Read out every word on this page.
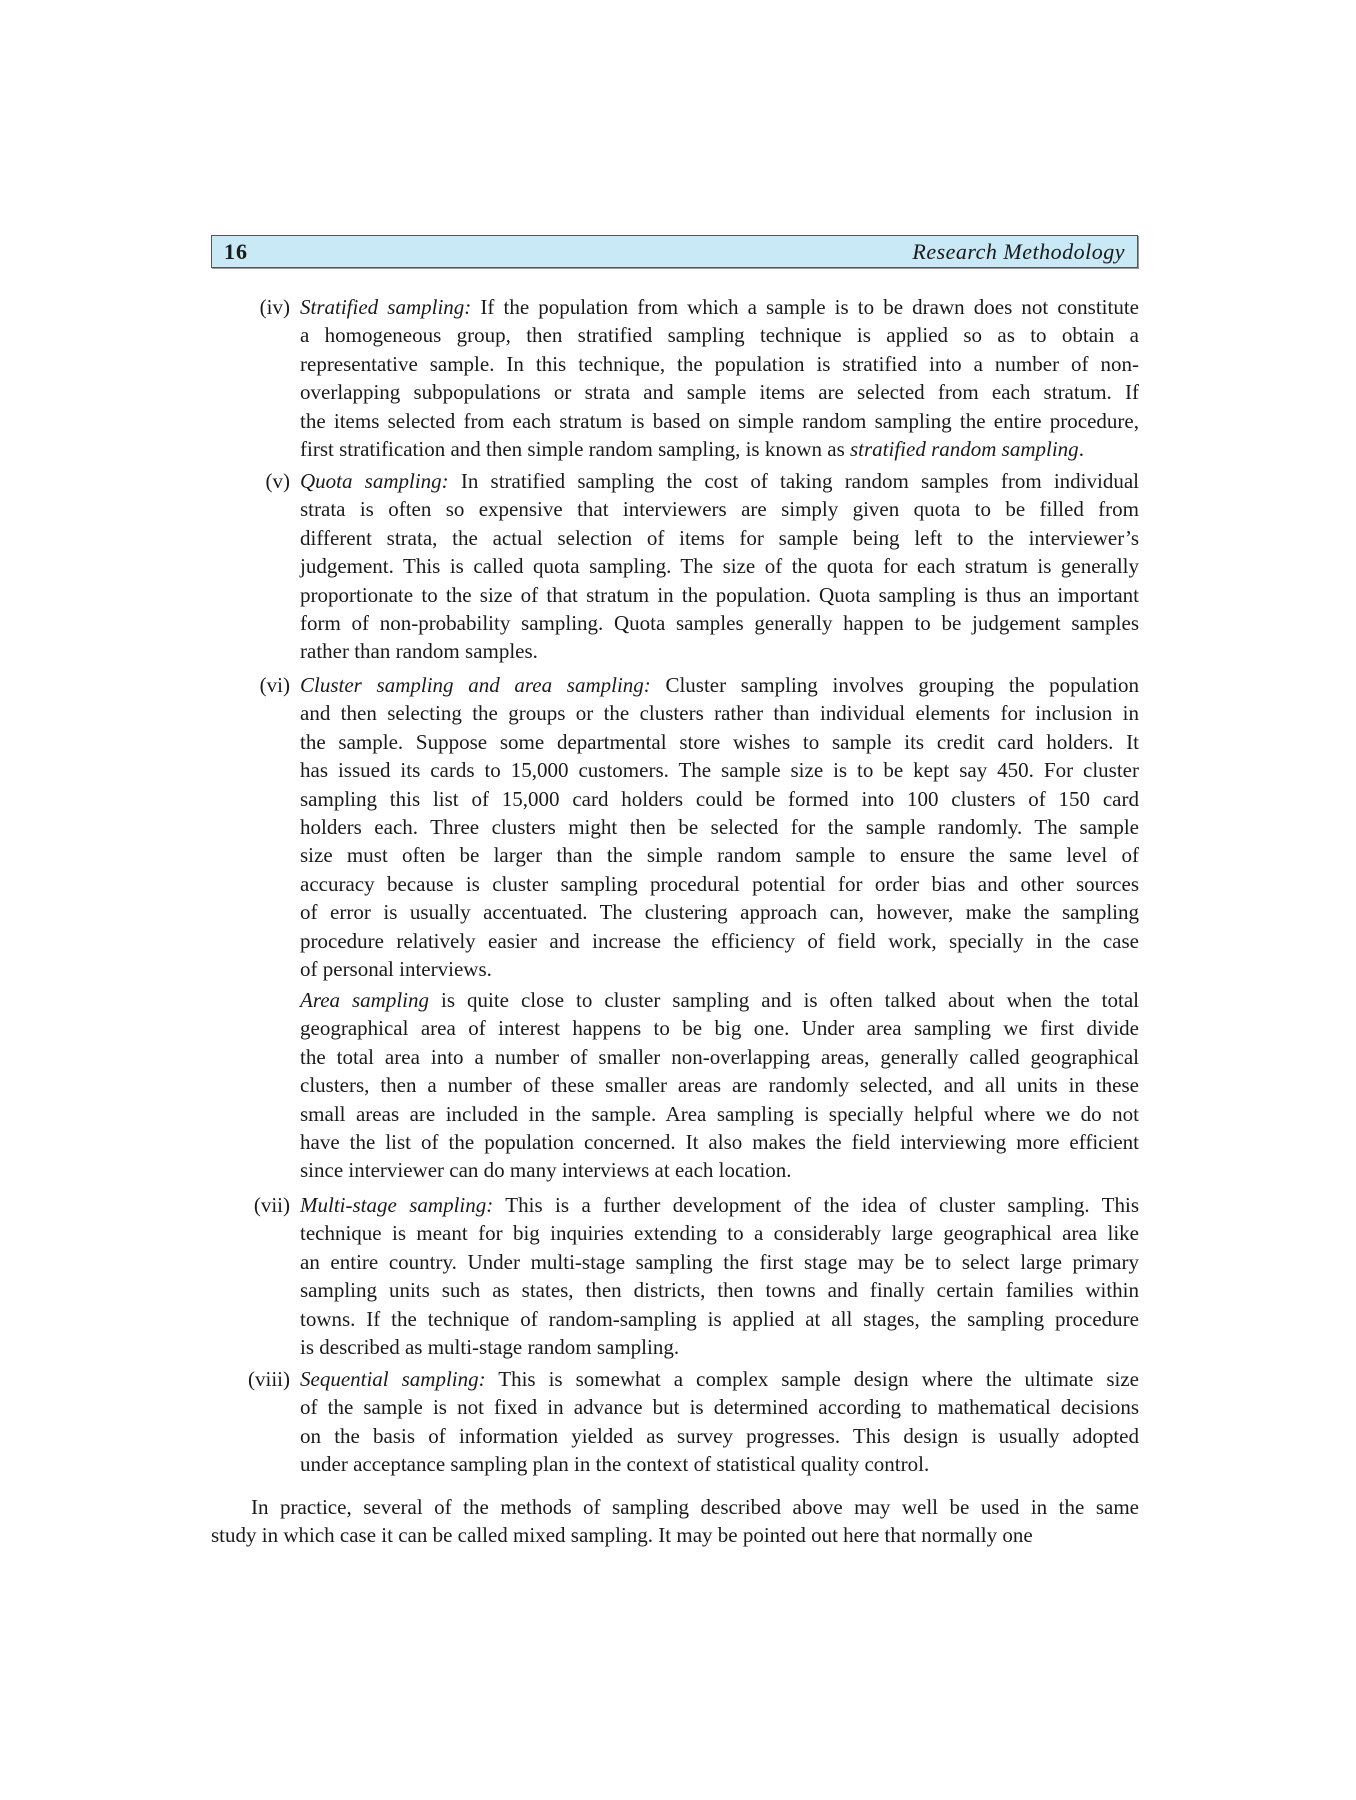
16	Research Methodology
(iv) Stratified sampling: If the population from which a sample is to be drawn does not constitute
a homogeneous group, then stratified sampling technique is applied so as to obtain a
representative sample. In this technique, the population is stratified into a number of non-
overlapping subpopulations or strata and sample items are selected from each stratum. If
the items selected from each stratum is based on simple random sampling the entire procedure,
first stratification and then simple random sampling, is known as stratified random sampling.
(v) Quota sampling: In stratified sampling the cost of taking random samples from individual
strata is often so expensive that interviewers are simply given quota to be filled from
different strata, the actual selection of items for sample being left to the interviewer’s
judgement. This is called quota sampling. The size of the quota for each stratum is generally
proportionate to the size of that stratum in the population. Quota sampling is thus an important
form of non-probability sampling. Quota samples generally happen to be judgement samples
rather than random samples.
(vi) Cluster sampling and area sampling: Cluster sampling involves grouping the population
and then selecting the groups or the clusters rather than individual elements for inclusion in
the sample. Suppose some departmental store wishes to sample its credit card holders. It
has issued its cards to 15,000 customers. The sample size is to be kept say 450. For cluster
sampling this list of 15,000 card holders could be formed into 100 clusters of 150 card
holders each. Three clusters might then be selected for the sample randomly. The sample
size must often be larger than the simple random sample to ensure the same level of
accuracy because is cluster sampling procedural potential for order bias and other sources
of error is usually accentuated. The clustering approach can, however, make the sampling
procedure relatively easier and increase the efficiency of field work, specially in the case
of personal interviews.
Area sampling is quite close to cluster sampling and is often talked about when the total
geographical area of interest happens to be big one. Under area sampling we first divide
the total area into a number of smaller non-overlapping areas, generally called geographical
clusters, then a number of these smaller areas are randomly selected, and all units in these
small areas are included in the sample. Area sampling is specially helpful where we do not
have the list of the population concerned. It also makes the field interviewing more efficient
since interviewer can do many interviews at each location.
(vii) Multi-stage sampling: This is a further development of the idea of cluster sampling. This
technique is meant for big inquiries extending to a considerably large geographical area like
an entire country. Under multi-stage sampling the first stage may be to select large primary
sampling units such as states, then districts, then towns and finally certain families within
towns. If the technique of random-sampling is applied at all stages, the sampling procedure
is described as multi-stage random sampling.
(viii) Sequential sampling: This is somewhat a complex sample design where the ultimate size
of the sample is not fixed in advance but is determined according to mathematical decisions
on the basis of information yielded as survey progresses. This design is usually adopted
under acceptance sampling plan in the context of statistical quality control.
In practice, several of the methods of sampling described above may well be used in the same
study in which case it can be called mixed sampling. It may be pointed out here that normally one
